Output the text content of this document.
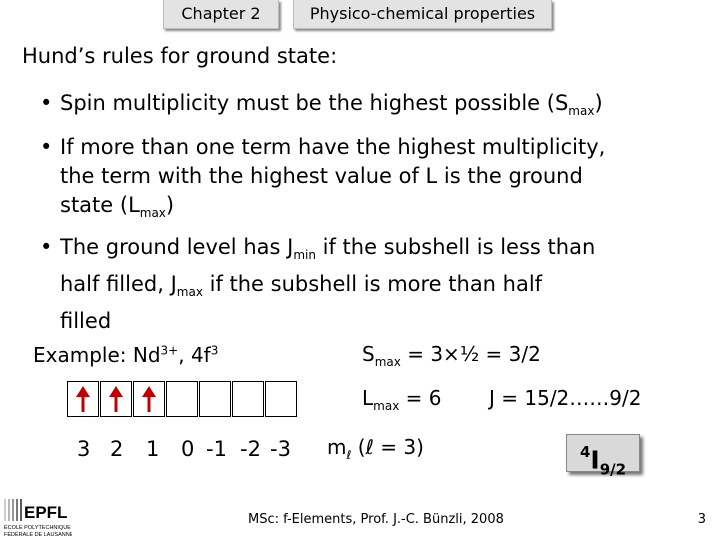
Chapter 2	Physico-chemical properties
Hund’s rules for ground state:
• Spin multiplicity must be the highest possible $(S_{max})$
• If more than one term have the highest multiplicity,
the term with the highest value of L is the ground
state $(L_{max})$
• The ground level has $J_{min}$ if the subshell is less than
half filled, $J_{max}$ if the subshell is more than half
filled
Example: $Nd^{3+}$, $4f^3$	$S_{max}$ = 3×½ = 3/2
$L_{max} = 6$ J = 15/2……9/2
3 2 1 0 -1 -2 -3 $m_\ell$ (ℓ = 3)	$^4I_{9/2}$
EPFL
ÉCOLE POLYTECHNIQUE
FÉDÉRALE DE LAUSANNE
MSc: f-Elements, Prof. J.-C. Bünzli, 2008	3
